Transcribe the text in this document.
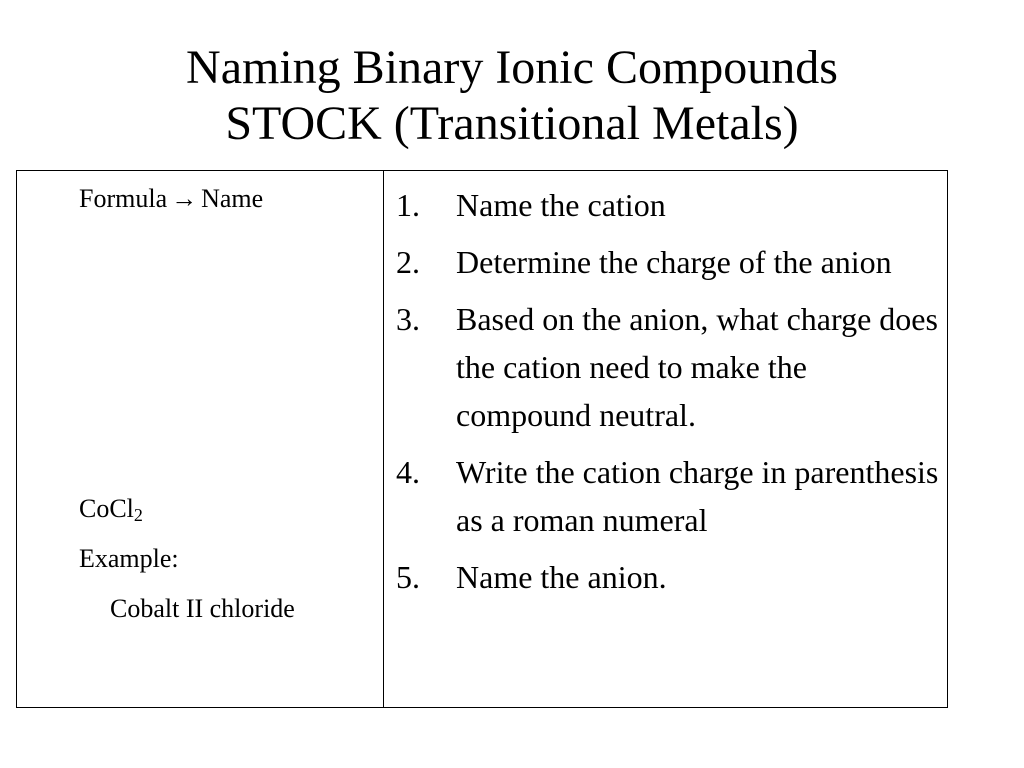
Naming Binary Ionic Compounds
STOCK (Transitional Metals)
Formula → Name
CoCl$_2$
Example:
Cobalt II chloride
1. Name the cation
2. Determine the charge of the anion
3. Based on the anion, what charge does the cation need to make the compound neutral.
4. Write the cation charge in parenthesis as a roman numeral
5. Name the anion.
